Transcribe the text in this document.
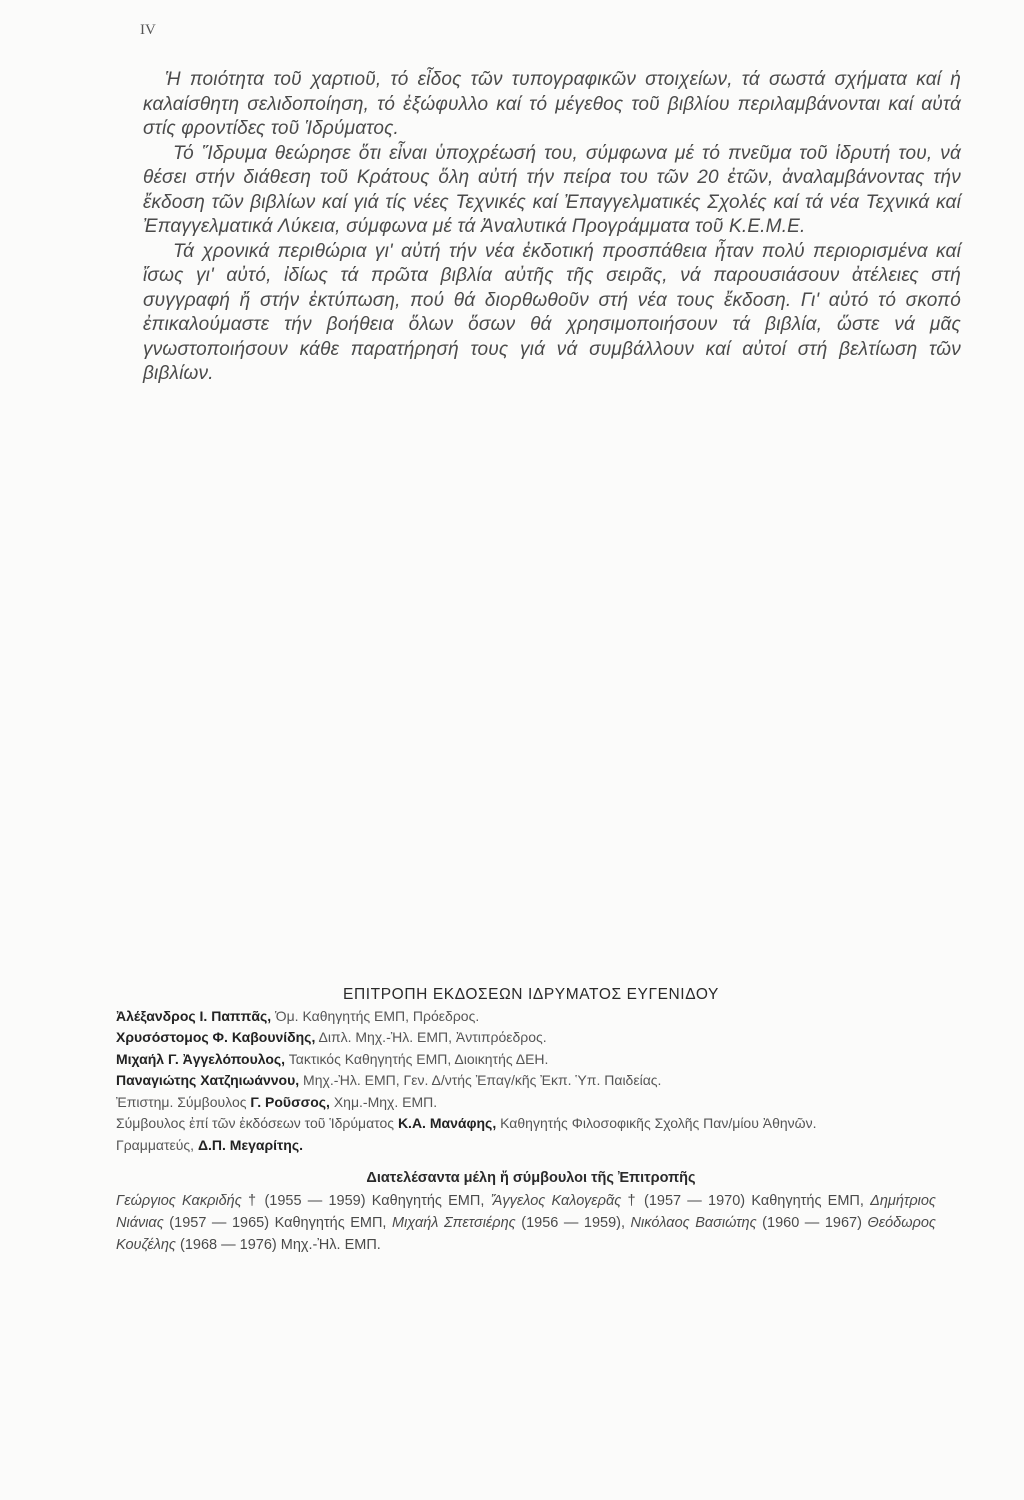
IV

Ἡ ποιότητα τοῦ χαρτιοῦ, τό εἶδος τῶν τυπογραφικῶν στοιχείων, τά σωστά σχήματα καί ἡ καλαίσθητη σελιδοποίηση, τό ἐξώφυλλο καί τό μέγεθος τοῦ βιβλίου περιλαμβάνονται καί αὐτά στίς φροντίδες τοῦ Ἱδρύματος.

Τό Ἵδρυμα θεώρησε ὅτι εἶναι ὑποχρέωσή του, σύμφωνα μέ τό πνεῦμα τοῦ ἱδρυτή του, νά θέσει στήν διάθεση τοῦ Κράτους ὅλη αὐτή τήν πείρα του τῶν 20 ἐτῶν, ἀναλαμβάνοντας τήν ἔκδοση τῶν βιβλίων καί γιά τίς νέες Τεχνικές καί Ἐπαγγελματικές Σχολές καί τά νέα Τεχνικά καί Ἐπαγγελματικά Λύκεια, σύμφωνα μέ τά Ἀναλυτικά Προγράμματα τοῦ Κ.Ε.Μ.Ε.

Τά χρονικά περιθώρια γι' αὐτή τήν νέα ἐκδοτική προσπάθεια ἦταν πολύ περιορισμένα καί ἴσως γι' αὐτό, ἰδίως τά πρῶτα βιβλία αὐτῆς τῆς σειρᾶς, νά παρουσιάσουν ἀτέλειες στή συγγραφή ἤ στήν ἐκτύπωση, πού θά διορθωθοῦν στή νέα τους ἔκδοση. Γι' αὐτό τό σκοπό ἐπικαλούμαστε τήν βοήθεια ὅλων ὅσων θά χρησιμοποιήσουν τά βιβλία, ὥστε νά μᾶς γνωστοποιήσουν κάθε παρατήρησή τους γιά νά συμβάλλουν καί αὐτοί στή βελτίωση τῶν βιβλίων.

ΕΠΙΤΡΟΠΗ ΕΚΔΟΣΕΩΝ ΙΔΡΥΜΑΤΟΣ ΕΥΓΕΝΙΔΟΥ

Ἀλέξανδρος Ι. Παππᾶς, Ὁμ. Καθηγητής ΕΜΠ, Πρόεδρος.

Χρυσόστομος Φ. Καβουνίδης, Διπλ. Μηχ.-Ἠλ. ΕΜΠ, Ἀντιπρόεδρος.

Μιχαήλ Γ. Ἀγγελόπουλος, Τακτικός Καθηγητής ΕΜΠ, Διοικητής ΔΕΗ.

Παναγιώτης Χατζηιωάννου, Μηχ.-Ἠλ. ΕΜΠ, Γεν. Δ/ντής Ἐπαγ/κῆς Ἐκπ. Ὑπ. Παιδείας.

Ἐπιστημ. Σύμβουλος Γ. Ροῦσσος, Χημ.-Μηχ. ΕΜΠ.

Σύμβουλος ἐπί τῶν ἐκδόσεων τοῦ Ἱδρύματος Κ.Α. Μανάφης, Καθηγητής Φιλοσοφικῆς Σχολῆς Παν/μίου Ἀθηνῶν.

Γραμματεύς, Δ.Π. Μεγαρίτης.

Διατελέσαντα μέλη ἤ σύμβουλοι τῆς Ἐπιτροπῆς

Γεώργιος Κακριδής † (1955 — 1959) Καθηγητής ΕΜΠ, Ἄγγελος Καλογερᾶς † (1957 — 1970) Καθηγητής ΕΜΠ, Δημήτριος Νιάνιας (1957 — 1965) Καθηγητής ΕΜΠ, Μιχαήλ Σπετσιέρης (1956 — 1959), Νικόλαος Βασιώτης (1960 — 1967) Θεόδωρος Κουζέλης (1968 — 1976) Μηχ.-Ἠλ. ΕΜΠ.
